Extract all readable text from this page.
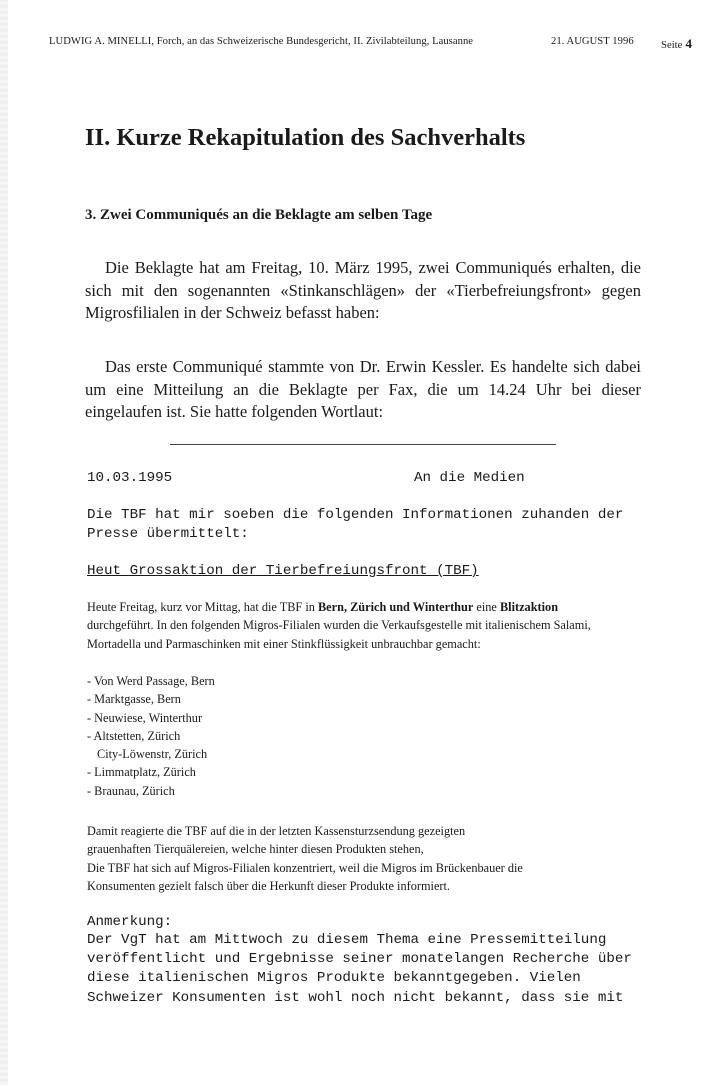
LUDWIG A. MINELLI, Forch, an das Schweizerische Bundesgericht, II. Zivilabteilung, Lausanne	21. AUGUST 1996	Seite 4
II. Kurze Rekapitulation des Sachverhalts
3. Zwei Communiqués an die Beklagte am selben Tage

Die Beklagte hat am Freitag, 10. März 1995, zwei Communiqués erhalten, die sich mit den sogenannten «Stinkanschlägen» der «Tierbefreiungsfront» gegen Migrosfilialen in der Schweiz befasst haben:

Das erste Communiqué stammte von Dr. Erwin Kessler. Es handelte sich dabei um eine Mitteilung an die Beklagte per Fax, die um 14.24 Uhr bei dieser eingelaufen ist. Sie hatte folgenden Wortlaut:

10.03.1995	An die Medien

Die TBF hat mir soeben die folgenden Informationen zuhanden der Presse übermittelt:

Heut Grossaktion der Tierbefreiungsfront (TBF)

Heute Freitag, kurz vor Mittag, hat die TBF in Bern, Zürich und Winterthur eine Blitzaktion durchgeführt. In den folgenden Migros-Filialen wurden die Verkaufsgestelle mit italienischem Salami, Mortadella und Parmaschinken mit einer Stinkflüssigkeit unbrauchbar gemacht:

- Von Werd Passage, Bern
- Marktgasse, Bern
- Neuwiese, Winterthur
- Altstetten, Zürich
City-Löwenstr, Zürich
- Limmatplatz, Zürich
- Braunau, Zürich

Damit reagierte die TBF auf die in der letzten Kassensturzsendung gezeigten
grauenhaften Tierquälereien, welche hinter diesen Produkten stehen,
Die TBF hat sich auf Migros-Filialen konzentriert, weil die Migros im Brückenbauer die
Konsumenten gezielt falsch über die Herkunft dieser Produkte informiert.

Anmerkung:

Der VgT hat am Mittwoch zu diesem Thema eine Pressemitteilung
veröffentlicht und Ergebnisse seiner monatelangen Recherche über
diese italienischen Migros Produkte bekanntgegeben. Vielen
Schweizer Konsumenten ist wohl noch nicht bekannt, dass sie mit
